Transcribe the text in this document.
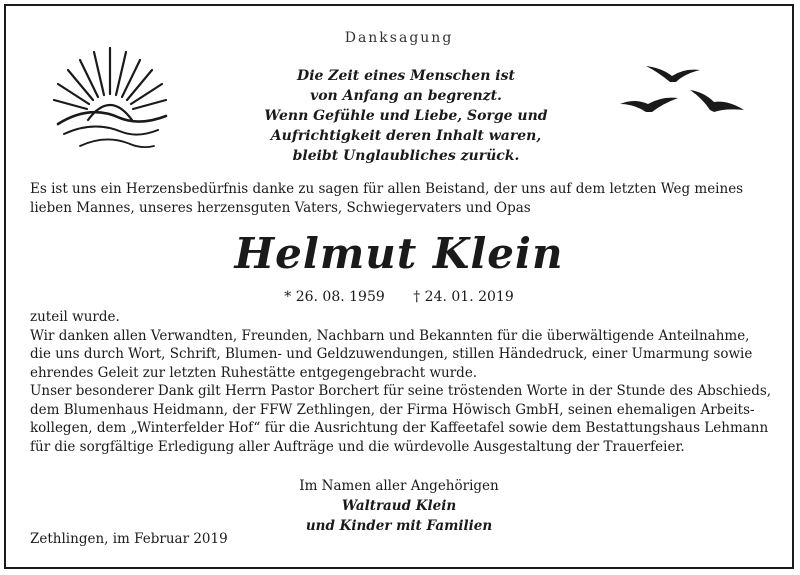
Danksagung
Die Zeit eines Menschen ist
von Anfang an begrenzt.
Wenn Gefühle und Liebe, Sorge und
Aufrichtigkeit deren Inhalt waren,
bleibt Unglaubliches zurück.
Es ist uns ein Herzensbedürfnis danke zu sagen für allen Beistand, der uns auf dem letzten Weg meines
lieben Mannes, unseres herzensguten Vaters, Schwiegervaters und Opas
Helmut Klein
* 26. 08. 1959 † 24. 01. 2019
zuteil wurde.
Wir danken allen Verwandten, Freunden, Nachbarn und Bekannten für die überwältigende Anteilnahme,
die uns durch Wort, Schrift, Blumen- und Geldzuwendungen, stillen Händedruck, einer Umarmung sowie
ehrendes Geleit zur letzten Ruhestätte entgegengebracht wurde.
Unser besonderer Dank gilt Herrn Pastor Borchert für seine tröstenden Worte in der Stunde des Abschieds,
dem Blumenhaus Heidmann, der FFW Zethlingen, der Firma Höwisch GmbH, seinen ehemaligen Arbeits-
kollegen, dem „Winterfelder Hof“ für die Ausrichtung der Kaffeetafel sowie dem Bestattungshaus Lehmann
für die sorgfältige Erledigung aller Aufträge und die würdevolle Ausgestaltung der Trauerfeier.
Im Namen aller Angehörigen
Waltraud Klein
und Kinder mit Familien
Zethlingen, im Februar 2019
